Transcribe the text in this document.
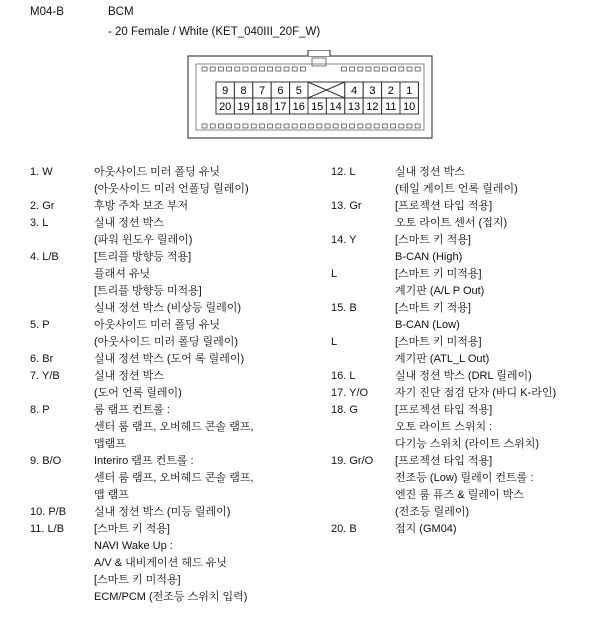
M04-B	BCM
- 20 Female / White (KET_040III_20F_W)
9 8 7 6 5	4 3 2 1
20 19 18 17 16 15 14 13 12 11 10
1. W	아웃사이드 미러 폴딩 유닛
(아웃사이드 미러 언폴딩 릴레이)
2. Gr	후방 주차 보조 부저
3. L	실내 정션 박스
(파워 윈도우 릴레이)
4. L/B	[트리플 방향등 적용]
플래셔 유닛
[트리플 방향등 미적용]
실내 정션 박스 (비상등 릴레이)
5. P	아웃사이드 미러 폴딩 유닛
(아웃사이드 미러 폴딩 릴레이)
6. Br	실내 정션 박스 (도어 록 릴레이)
7. Y/B	실내 정션 박스
(도어 언록 릴레이)
8. P	룸 램프 컨트롤 :
센터 룸 램프, 오버헤드 콘솔 램프,
맵램프
9. B/O	Interiro 램프 컨트롤 :
센터 룸 램프, 오버헤드 콘솔 램프,
맵 램프
10. P/B	실내 정션 박스 (미등 릴레이)
11. L/B	[스마트 키 적용]
NAVI Wake Up :
A/V & 내비게이션 헤드 유닛
[스마트 키 미적용]
ECM/PCM (전조등 스위치 입력)
12. L	실내 정션 박스
(테일 게이트 언록 릴레이)
13. Gr	[프로젝션 타입 적용]
오토 라이트 센서 (접지)
14. Y	[스마트 키 적용]
B-CAN (High)
L	[스마트 키 미적용]
계기판 (A/L P Out)
15. B	[스마트 키 적용]
B-CAN (Low)
L	[스마트 키 미적용]
계기판 (ATL_L Out)
16. L	실내 정션 박스 (DRL 릴레이)
17. Y/O	자기 진단 점검 단자 (바디 K-라인)
18. G	[프로젝션 타입 적용]
오토 라이트 스위치 :
다기능 스위치 (라이트 스위치)
19. Gr/O	[프로젝션 타입 적용]
전조등 (Low) 릴레이 컨트롤 :
엔진 룸 퓨즈 & 릴레이 박스
(전조등 릴레이)
20. B	접지 (GM04)
